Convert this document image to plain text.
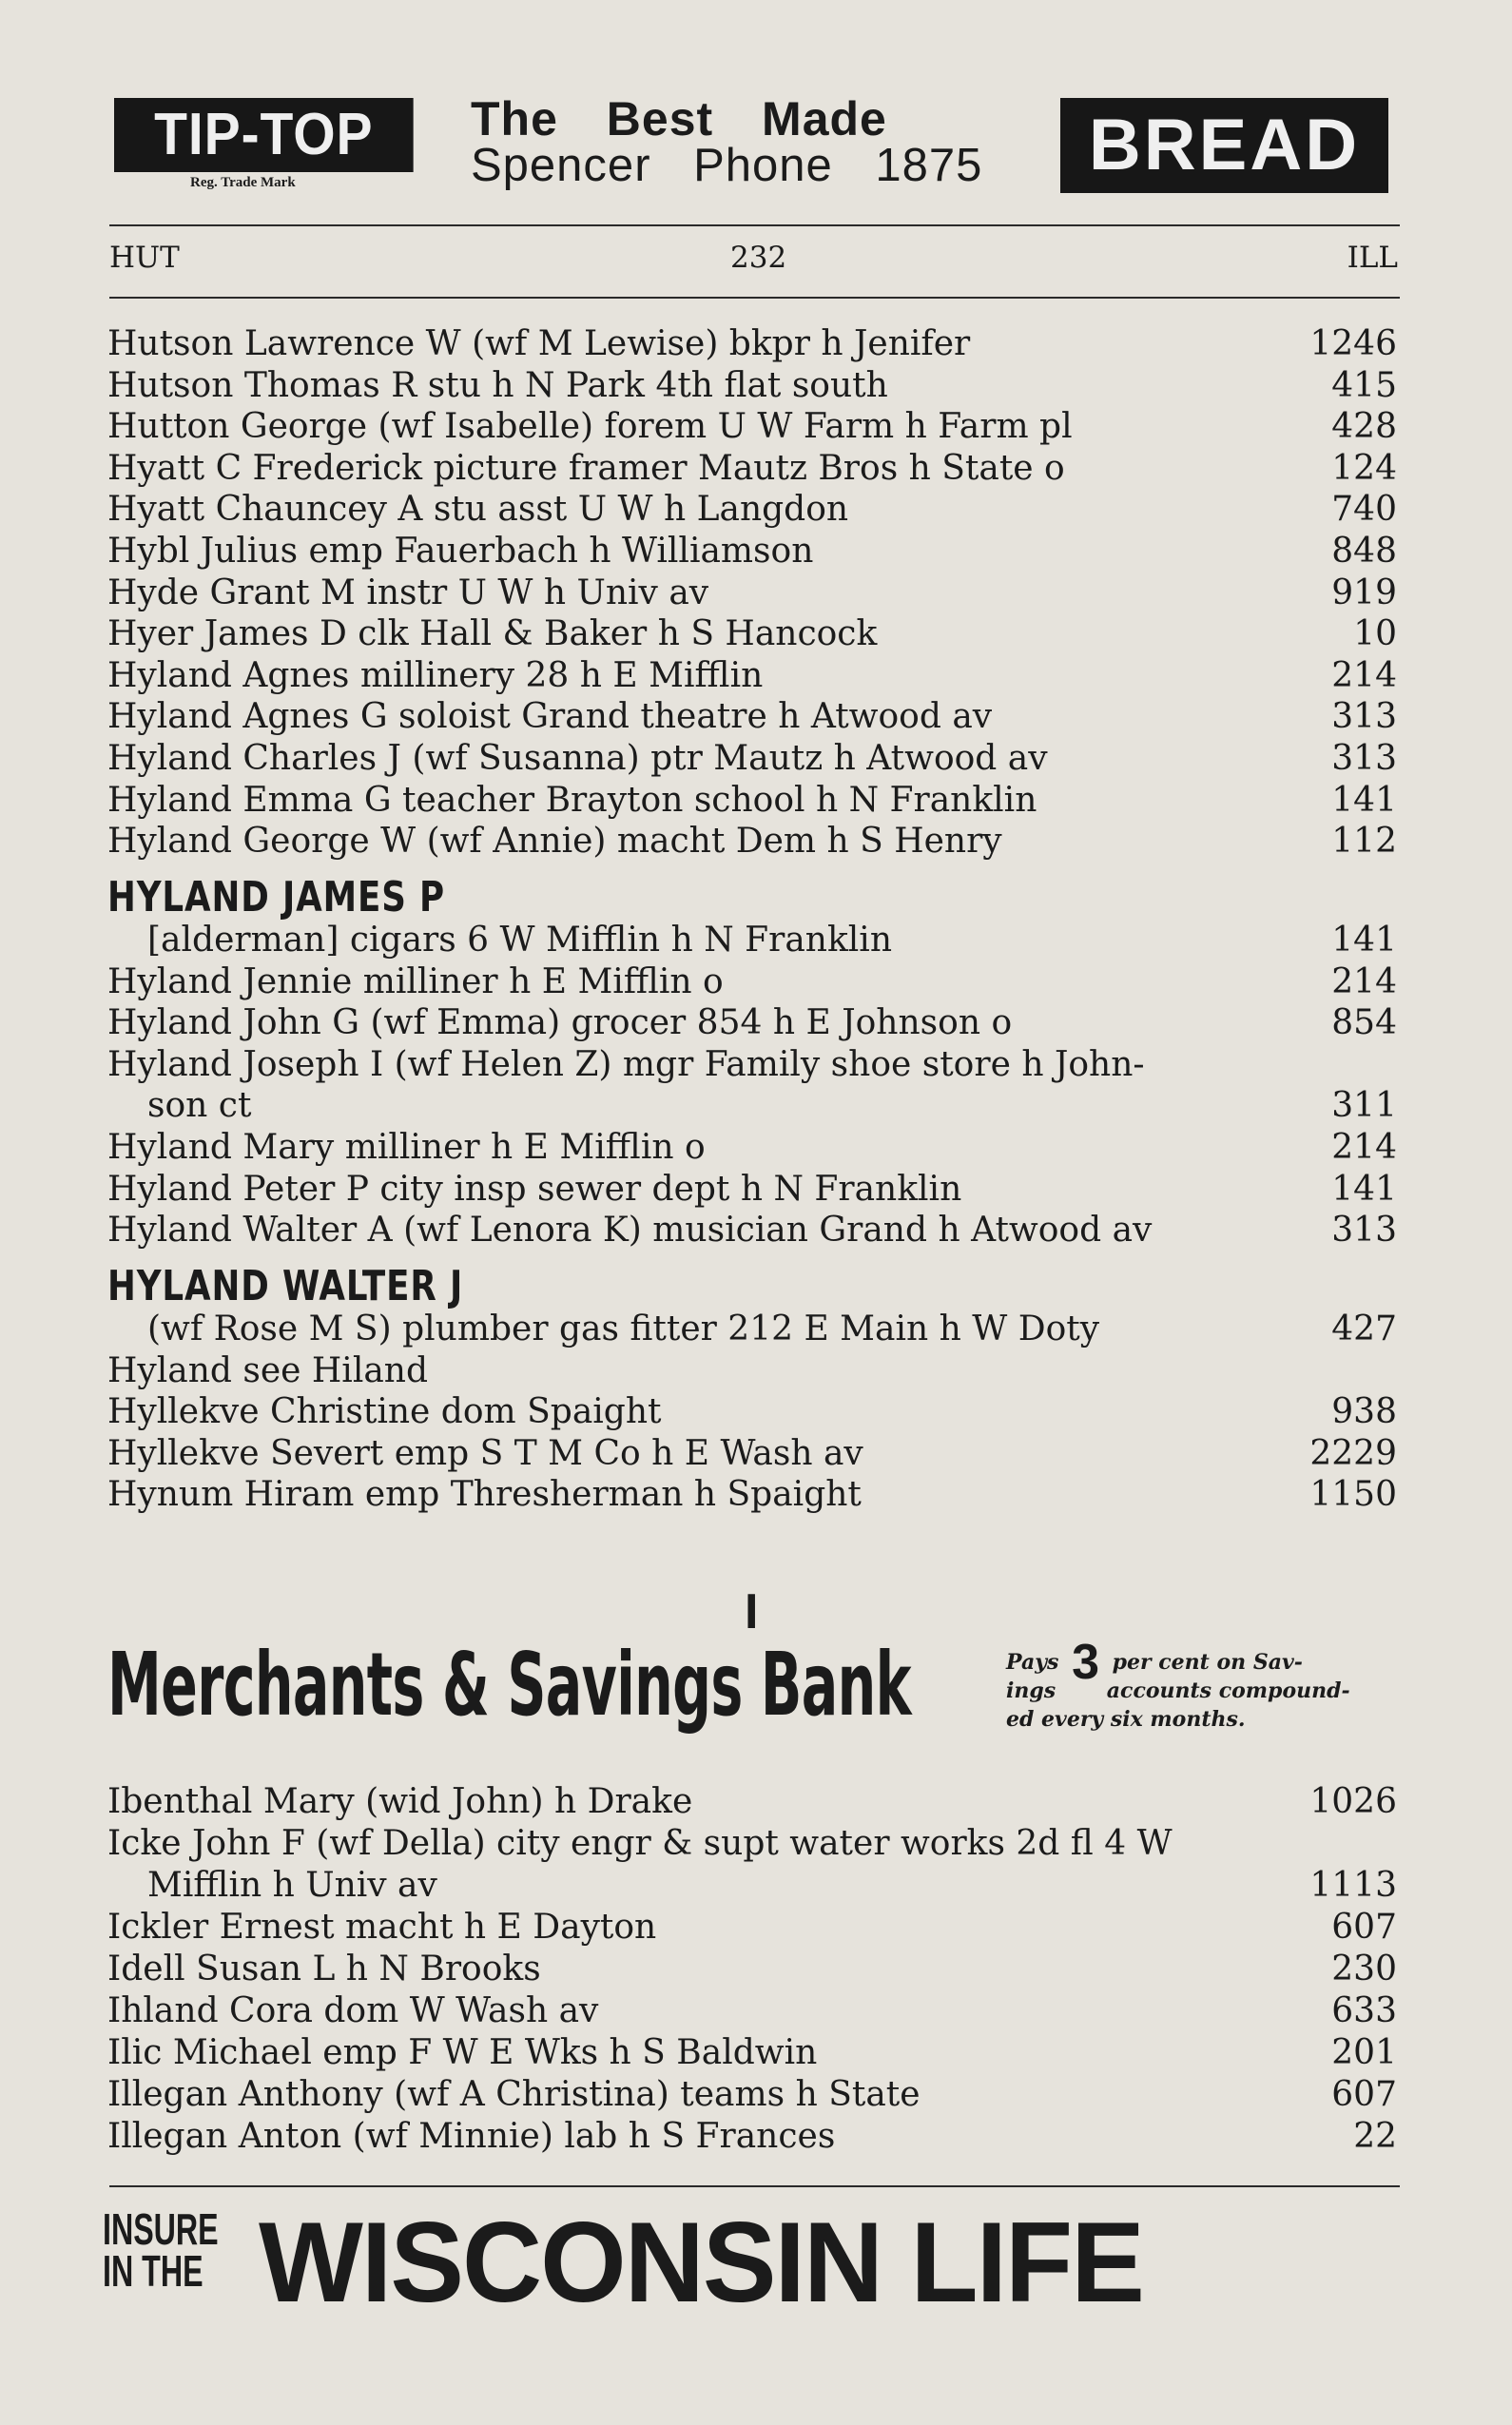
TIP-TOP
Reg. Trade Mark
The Best Made
Spencer Phone 1875	BREAD
HUT	232	ILL
Hutson Lawrence W (wf M Lewise) bkpr h Jenifer	1246
Hutson Thomas R stu h N Park 4th flat south	415
Hutton George (wf Isabelle) forem U W Farm h Farm pl	428
Hyatt C Frederick picture framer Mautz Bros h State o	124
Hyatt Chauncey A stu asst U W h Langdon	740
Hybl Julius emp Fauerbach h Williamson	848
Hyde Grant M instr U W h Univ av	919
Hyer James D clk Hall & Baker h S Hancock	10
Hyland Agnes millinery 28 h E Mifflin	214
Hyland Agnes G soloist Grand theatre h Atwood av	313
Hyland Charles J (wf Susanna) ptr Mautz h Atwood av	313
Hyland Emma G teacher Brayton school h N Franklin	141
Hyland George W (wf Annie) macht Dem h S Henry	112
HYLAND JAMES P
[alderman] cigars 6 W Mifflin h N Franklin	141
Hyland Jennie milliner h E Mifflin o	214
Hyland John G (wf Emma) grocer 854 h E Johnson o	854
Hyland Joseph I (wf Helen Z) mgr Family shoe store h John-
son ct	311
Hyland Mary milliner h E Mifflin o	214
Hyland Peter P city insp sewer dept h N Franklin	141
Hyland Walter A (wf Lenora K) musician Grand h Atwood av	313
HYLAND WALTER J
(wf Rose M S) plumber gas fitter 212 E Main h W Doty	427
Hyland see Hiland
Hyllekve Christine dom Spaight	938
Hyllekve Severt emp S T M Co h E Wash av	2229
Hynum Hiram emp Thresherman h Spaight	1150
I
Merchants & Savings Bank	Pays 3 per cent on Sav-
ings accounts compound-
ed every six months.
Ibenthal Mary (wid John) h Drake	1026
Icke John F (wf Della) city engr & supt water works 2d fl 4 W
Mifflin h Univ av	1113
Ickler Ernest macht h E Dayton	607
Idell Susan L h N Brooks	230
Ihland Cora dom W Wash av	633
Ilic Michael emp F W E Wks h S Baldwin	201
Illegan Anthony (wf A Christina) teams h State	607
Illegan Anton (wf Minnie) lab h S Frances	22
INSURE
IN THE WISCONSIN LIFE
